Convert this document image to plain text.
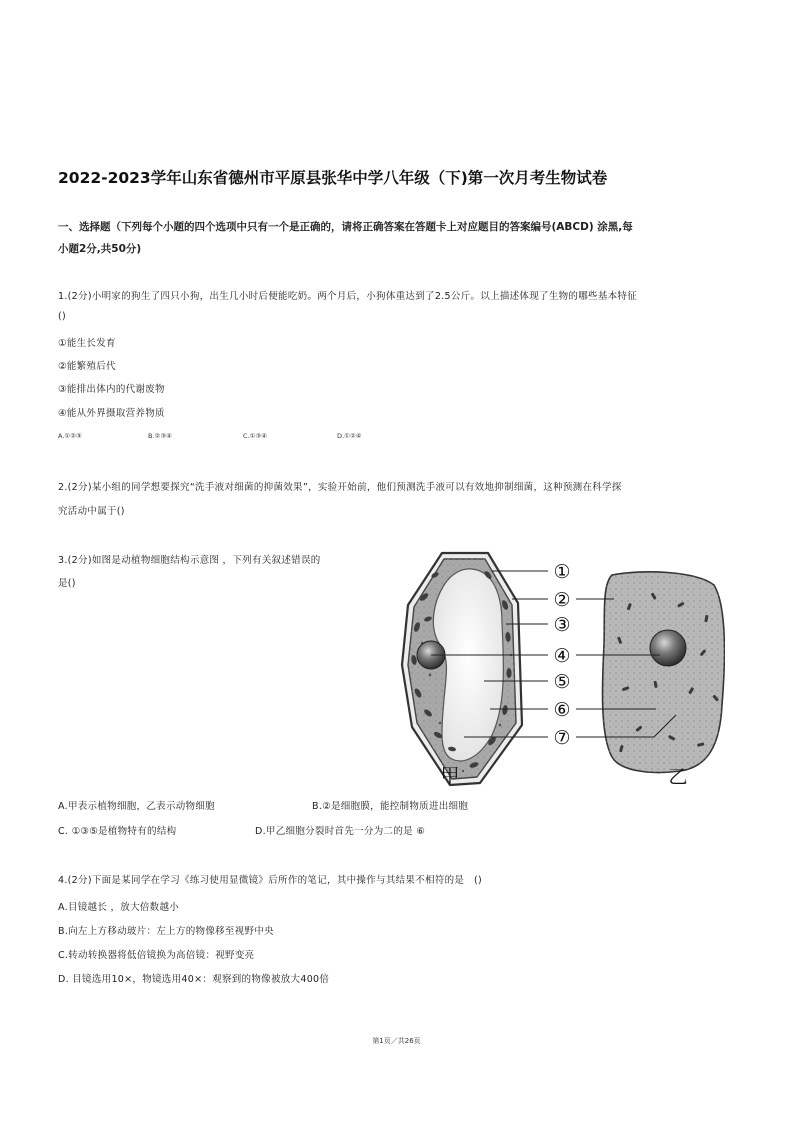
2022-2023学年山东省德州市平原县张华中学八年级（下)第一次月考生物试卷
一、选择题（下列每个小题的四个选项中只有一个是正确的，请将正确答案在答题卡上对应题目的答案编号(ABCD) 涂黑,每
小题2分,共50分)
1.(2分)小明家的狗生了四只小狗，出生几小时后便能吃奶。两个月后，小狗体重达到了2.5公斤。以上描述体现了生物的哪些基本特征
()
①能生长发育
②能繁殖后代
③能排出体内的代谢废物
④能从外界摄取营养物质
A.①②③	B.②③④	C.①③④	D.①②④
2.(2分)某小组的同学想要探究“洗手液对细菌的抑菌效果”，实验开始前，他们预测洗手液可以有效地抑制细菌，这种预测在科学探
究活动中属于()
3.(2分)如图是动植物细胞结构示意图 ，下列有关叙述错误的
是()
①
②
③
④
⑤
⑥
⑦
甲	乙
A.甲表示植物细胞，乙表示动物细胞	B.②是细胞膜，能控制物质进出细胞
C. ①③⑤是植物特有的结构	D.甲乙细胞分裂时首先一分为二的是 ⑥
4.(2分)下面是某同学在学习《练习使用显微镜》后所作的笔记，其中操作与其结果不相符的是　()
A.目镜越长 ，放大倍数越小
B.向左上方移动玻片：左上方的物像移至视野中央
C.转动转换器将低倍镜换为高倍镜：视野变亮
D. 目镜选用10×，物镜选用40×：观察到的物像被放大400倍
第1页／共26页
